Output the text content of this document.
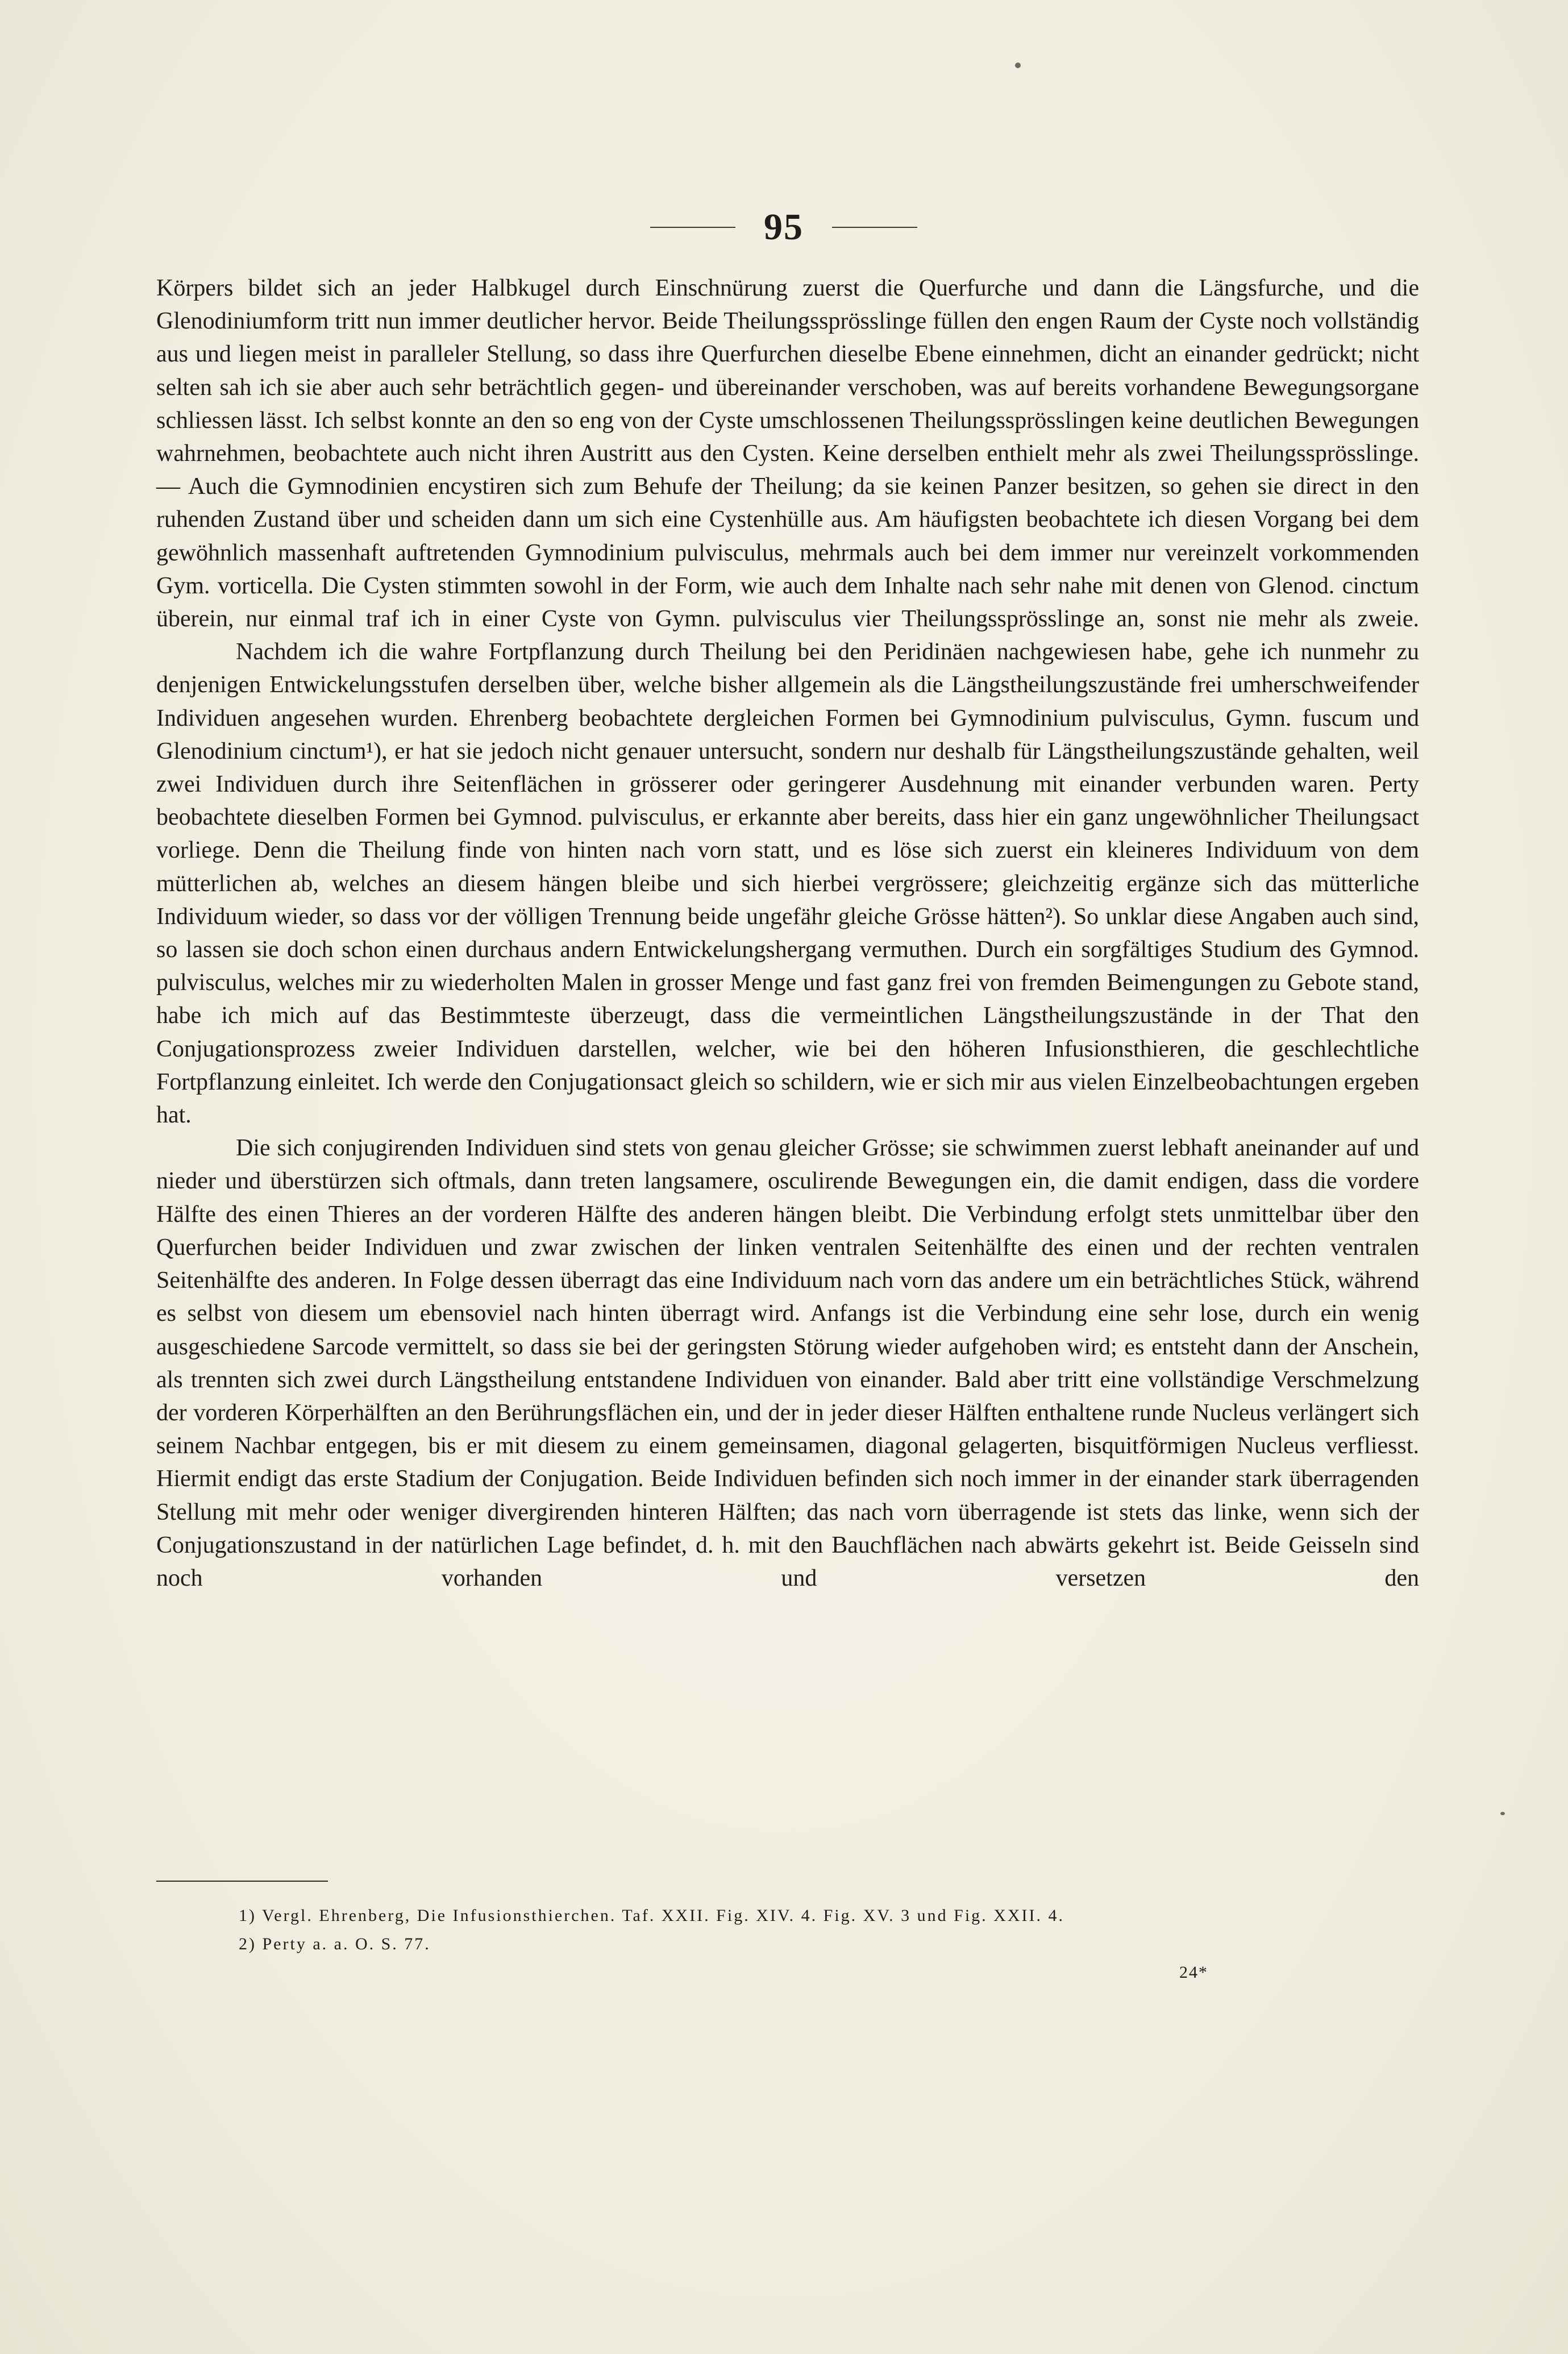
95

Körpers bildet sich an jeder Halbkugel durch Einschnürung zuerst die Querfurche und dann die Längsfurche, und die Glenodiniumform tritt nun immer deutlicher hervor. Beide Theilungssprösslinge füllen den engen Raum der Cyste noch vollständig aus und liegen meist in paralleler Stellung, so dass ihre Querfurchen dieselbe Ebene einnehmen, dicht an einander gedrückt; nicht selten sah ich sie aber auch sehr beträchtlich gegen- und übereinander verschoben, was auf bereits vorhandene Bewegungsorgane schliessen lässt. Ich selbst konnte an den so eng von der Cyste umschlossenen Theilungssprösslingen keine deutlichen Bewegungen wahrnehmen, beobachtete auch nicht ihren Austritt aus den Cysten. Keine derselben enthielt mehr als zwei Theilungssprösslinge. — Auch die Gymnodinien encystiren sich zum Behufe der Theilung; da sie keinen Panzer besitzen, so gehen sie direct in den ruhenden Zustand über und scheiden dann um sich eine Cystenhülle aus. Am häufigsten beobachtete ich diesen Vorgang bei dem gewöhnlich massenhaft auftretenden Gymnodinium pulvisculus, mehrmals auch bei dem immer nur vereinzelt vorkommenden Gym. vorticella. Die Cysten stimmten sowohl in der Form, wie auch dem Inhalte nach sehr nahe mit denen von Glenod. cinctum überein, nur einmal traf ich in einer Cyste von Gymn. pulvisculus vier Theilungssprösslinge an, sonst nie mehr als zweie.

Nachdem ich die wahre Fortpflanzung durch Theilung bei den Peridinäen nachgewiesen habe, gehe ich nunmehr zu denjenigen Entwickelungsstufen derselben über, welche bisher allgemein als die Längstheilungszustände frei umherschweifender Individuen angesehen wurden. Ehrenberg beobachtete dergleichen Formen bei Gymnodinium pulvisculus, Gymn. fuscum und Glenodinium cinctum¹), er hat sie jedoch nicht genauer untersucht, sondern nur deshalb für Längstheilungszustände gehalten, weil zwei Individuen durch ihre Seitenflächen in grösserer oder geringerer Ausdehnung mit einander verbunden waren. Perty beobachtete dieselben Formen bei Gymnod. pulvisculus, er erkannte aber bereits, dass hier ein ganz ungewöhnlicher Theilungsact vorliege. Denn die Theilung finde von hinten nach vorn statt, und es löse sich zuerst ein kleineres Individuum von dem mütterlichen ab, welches an diesem hängen bleibe und sich hierbei vergrössere; gleichzeitig ergänze sich das mütterliche Individuum wieder, so dass vor der völligen Trennung beide ungefähr gleiche Grösse hätten²). So unklar diese Angaben auch sind, so lassen sie doch schon einen durchaus andern Entwickelungshergang vermuthen. Durch ein sorgfältiges Studium des Gymnod. pulvisculus, welches mir zu wiederholten Malen in grosser Menge und fast ganz frei von fremden Beimengungen zu Gebote stand, habe ich mich auf das Bestimmteste überzeugt, dass die vermeintlichen Längstheilungszustände in der That den Conjugationsprozess zweier Individuen darstellen, welcher, wie bei den höheren Infusionsthieren, die geschlechtliche Fortpflanzung einleitet. Ich werde den Conjugationsact gleich so schildern, wie er sich mir aus vielen Einzelbeobachtungen ergeben hat.

Die sich conjugirenden Individuen sind stets von genau gleicher Grösse; sie schwimmen zuerst lebhaft aneinander auf und nieder und überstürzen sich oftmals, dann treten langsamere, osculirende Bewegungen ein, die damit endigen, dass die vordere Hälfte des einen Thieres an der vorderen Hälfte des anderen hängen bleibt. Die Verbindung erfolgt stets unmittelbar über den Querfurchen beider Individuen und zwar zwischen der linken ventralen Seitenhälfte des einen und der rechten ventralen Seitenhälfte des anderen. In Folge dessen überragt das eine Individuum nach vorn das andere um ein beträchtliches Stück, während es selbst von diesem um ebensoviel nach hinten überragt wird. Anfangs ist die Verbindung eine sehr lose, durch ein wenig ausgeschiedene Sarcode vermittelt, so dass sie bei der geringsten Störung wieder aufgehoben wird; es entsteht dann der Anschein, als trennten sich zwei durch Längstheilung entstandene Individuen von einander. Bald aber tritt eine vollständige Verschmelzung der vorderen Körperhälften an den Berührungsflächen ein, und der in jeder dieser Hälften enthaltene runde Nucleus verlängert sich seinem Nachbar entgegen, bis er mit diesem zu einem gemeinsamen, diagonal gelagerten, bisquitförmigen Nucleus verfliesst. Hiermit endigt das erste Stadium der Conjugation. Beide Individuen befinden sich noch immer in der einander stark überragenden Stellung mit mehr oder weniger divergirenden hinteren Hälften; das nach vorn überragende ist stets das linke, wenn sich der Conjugationszustand in der natürlichen Lage befindet, d. h. mit den Bauchflächen nach abwärts gekehrt ist. Beide Geisseln sind noch vorhanden und versetzen den

1) Vergl. Ehrenberg, Die Infusionsthierchen. Taf. XXII. Fig. XIV. 4. Fig. XV. 3 und Fig. XXII. 4.
2) Perty a. a. O. S. 77.
24*
